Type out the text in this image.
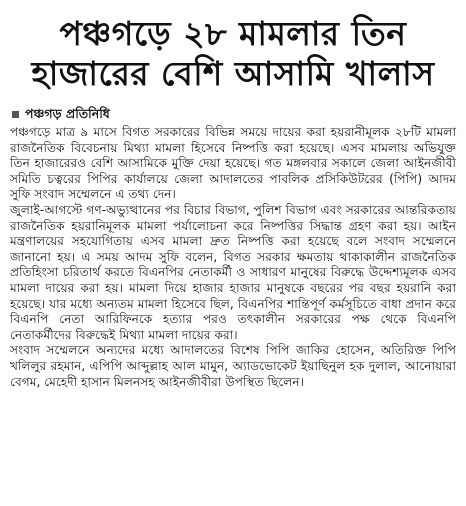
পঞ্চগড়ে ২৮ মামলার তিন
হাজারের বেশি আসামি খালাস
পঞ্চগড় প্রতিনিধি

পঞ্চগড়ে মাত্র ৯ মাসে বিগত সরকারের বিভিন্ন সময়ে দায়ের করা হয়রানীমূলক ২৮টি মামলা রাজনৈতিক বিবেচনায় মিথ্যা মামলা হিসেবে নিষ্পত্তি করা হয়েছে। এসব মামলায় অভিযুক্ত তিন হাজারেরও বেশি আসামিকে মুক্তি দেয়া হয়েছে। গত মঙ্গলবার সকালে জেলা আইনজীবী সমিতি চত্বরের পিপির কার্যালয়ে জেলা আদালতের পাবলিক প্রসিকিউটরের (পিপি) আদম সুফি সংবাদ সম্মেলনে এ তথ্য দেন।

জুলাই-আগস্টে গণ-অভ্যুত্থানের পর বিচার বিভাগ, পুলিশ বিভাগ এবং সরকারের আন্তরিকতায় রাজনৈতিক হয়রানিমূলক মামলা পর্যালোচনা করে নিষ্পত্তির সিদ্ধান্ত গ্রহণ করা হয়। আইন মন্ত্রণালয়ের সহযোগিতায় এসব মামলা দ্রুত নিষ্পত্তি করা হয়েছে বলে সংবাদ সম্মেলনে জানানো হয়। এ সময় আদম সুফি বলেন, বিগত সরকার ক্ষমতায় থাকাকালীন রাজনৈতিক প্রতিহিংসা চরিতার্থ করতে বিএনপির নেতাকর্মী ও সাধারণ মানুষের বিরুদ্ধে উদ্দেশ্যমূলক এসব মামলা দায়ের করা হয়। মামলা দিয়ে হাজার হাজার মানুষকে বছরের পর বছর হয়রানি করা হয়েছে। যার মধ্যে অন্যতম মামলা হিসেবে ছিল, বিএনপির শান্তিপূর্ণ কর্মসূচিতে বাধা প্রদান করে বিএনপি নেতা আরিফিনকে হত্যার পরও তৎকালীন সরকারের পক্ষ থেকে বিএনপি নেতাকর্মীদের বিরুদ্ধেই মিথ্যা মামলা দায়ের করা।

সংবাদ সম্মেলনে অন্যদের মধ্যে আদালতের বিশেষ পিপি জাকির হোসেন, অতিরিক্ত পিপি খলিলুর রহমান, এপিপি আব্দুল্লাহ আল মামুন, অ্যাডভোকেট ইয়াছিনুল হক দুলাল, আনোয়ারা বেগম, মেহেদী হাসান মিলনসহ আইনজীবীরা উপস্থিত ছিলেন।
